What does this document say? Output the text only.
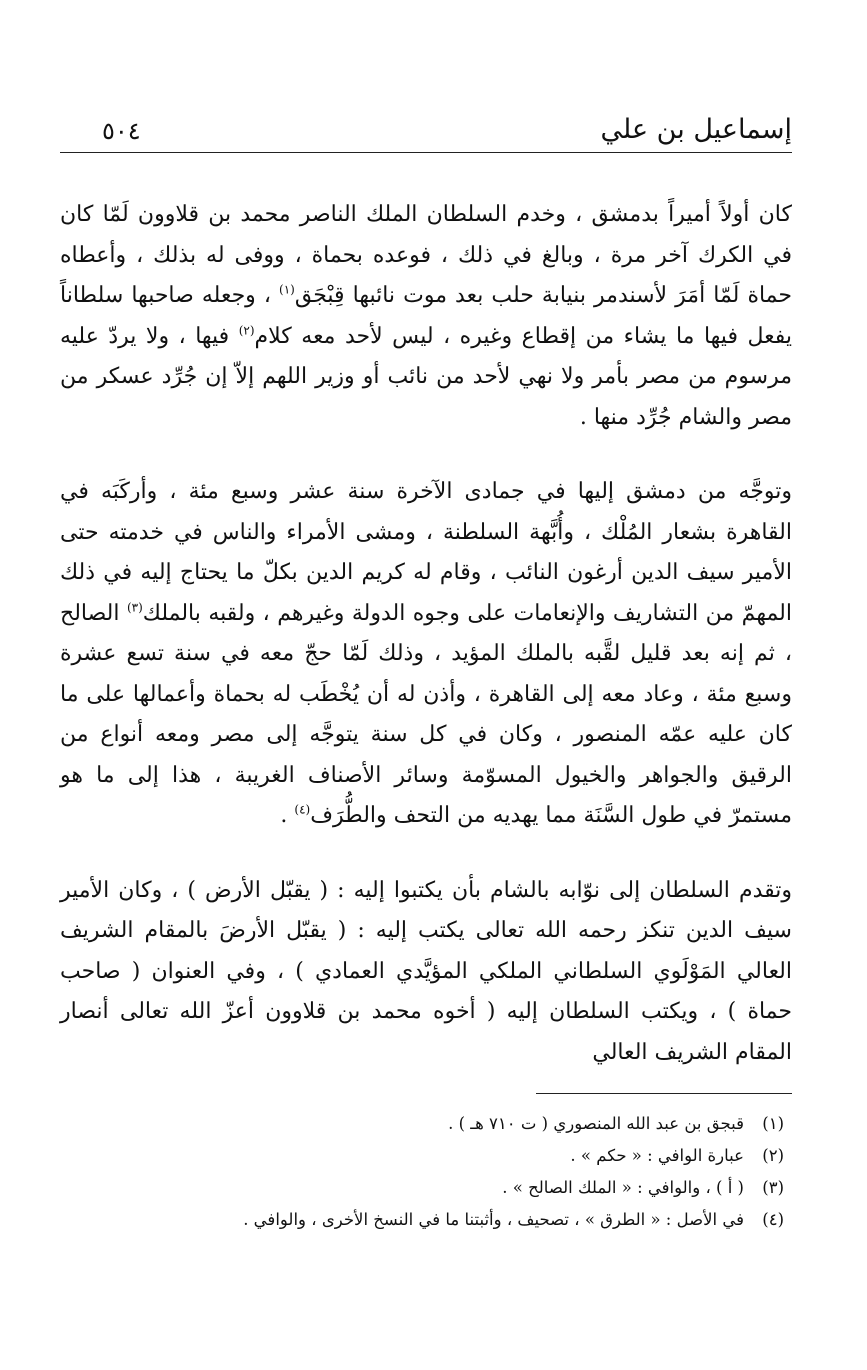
إسماعيل بن علي
٥٠٤

كان أولاً أميراً بدمشق ، وخدم السلطان الملك الناصر محمد بن قلاوون لَمّا كان في الكرك آخر مرة ، وبالغ في ذلك ، فوعده بحماة ، ووفى له بذلك ، وأعطاه حماة لَمّا أمَرَ لأسندمر بنيابة حلب بعد موت نائبها قِبْجَق$^{(١)}$ ، وجعله صاحبها سلطاناً يفعل فيها ما يشاء من إقطاع وغيره ، ليس لأحد معه كلام$^{(٢)}$ فيها ، ولا يردّ عليه مرسوم من مصر بأمر ولا نهي لأحد من نائب أو وزير اللهم إلاّ إن جُرِّد عسكر من مصر والشام جُرِّد منها .

وتوجَّه من دمشق إليها في جمادى الآخرة سنة عشر وسبع مئة ، وأركَبَه في القاهرة بشعار المُلْك ، وأُبَّهة السلطنة ، ومشى الأمراء والناس في خدمته حتى الأمير سيف الدين أرغون النائب ، وقام له كريم الدين بكلّ ما يحتاج إليه في ذلك المهمّ من التشاريف والإنعامات على وجوه الدولة وغيرهم ، ولقبه بالملك$^{(٣)}$ الصالح ، ثم إنه بعد قليل لقَّبه بالملك المؤيد ، وذلك لَمّا حجّ معه في سنة تسع عشرة وسبع مئة ، وعاد معه إلى القاهرة ، وأذن له أن يُخْطَب له بحماة وأعمالها على ما كان عليه عمّه المنصور ، وكان في كل سنة يتوجَّه إلى مصر ومعه أنواع من الرقيق والجواهر والخيول المسوّمة وسائر الأصناف الغريبة ، هذا إلى ما هو مستمرّ في طول السَّنَة مما يهديه من التحف والطُّرَف$^{(٤)}$ .

وتقدم السلطان إلى نوّابه بالشام بأن يكتبوا إليه : ( يقبّل الأرض ) ، وكان الأمير سيف الدين تنكز رحمه الله تعالى يكتب إليه : ( يقبّل الأرضَ بالمقام الشريف العالي المَوْلَوي السلطاني الملكي المؤيَّدي العمادي ) ، وفي العنوان ( صاحب حماة ) ، ويكتب السلطان إليه ( أخوه محمد بن قلاوون أعزّ الله تعالى أنصار المقام الشريف العالي

(١)
قبجق بن عبد الله المنصوري ( ت ٧١٠ هـ ) .
(٢)
عبارة الوافي : « حكم » .
(٣)
( أ ) ، والوافي : « الملك الصالح » .
(٤)
في الأصل : « الطرق » ، تصحيف ، وأثبتنا ما في النسخ الأخرى ، والوافي .
